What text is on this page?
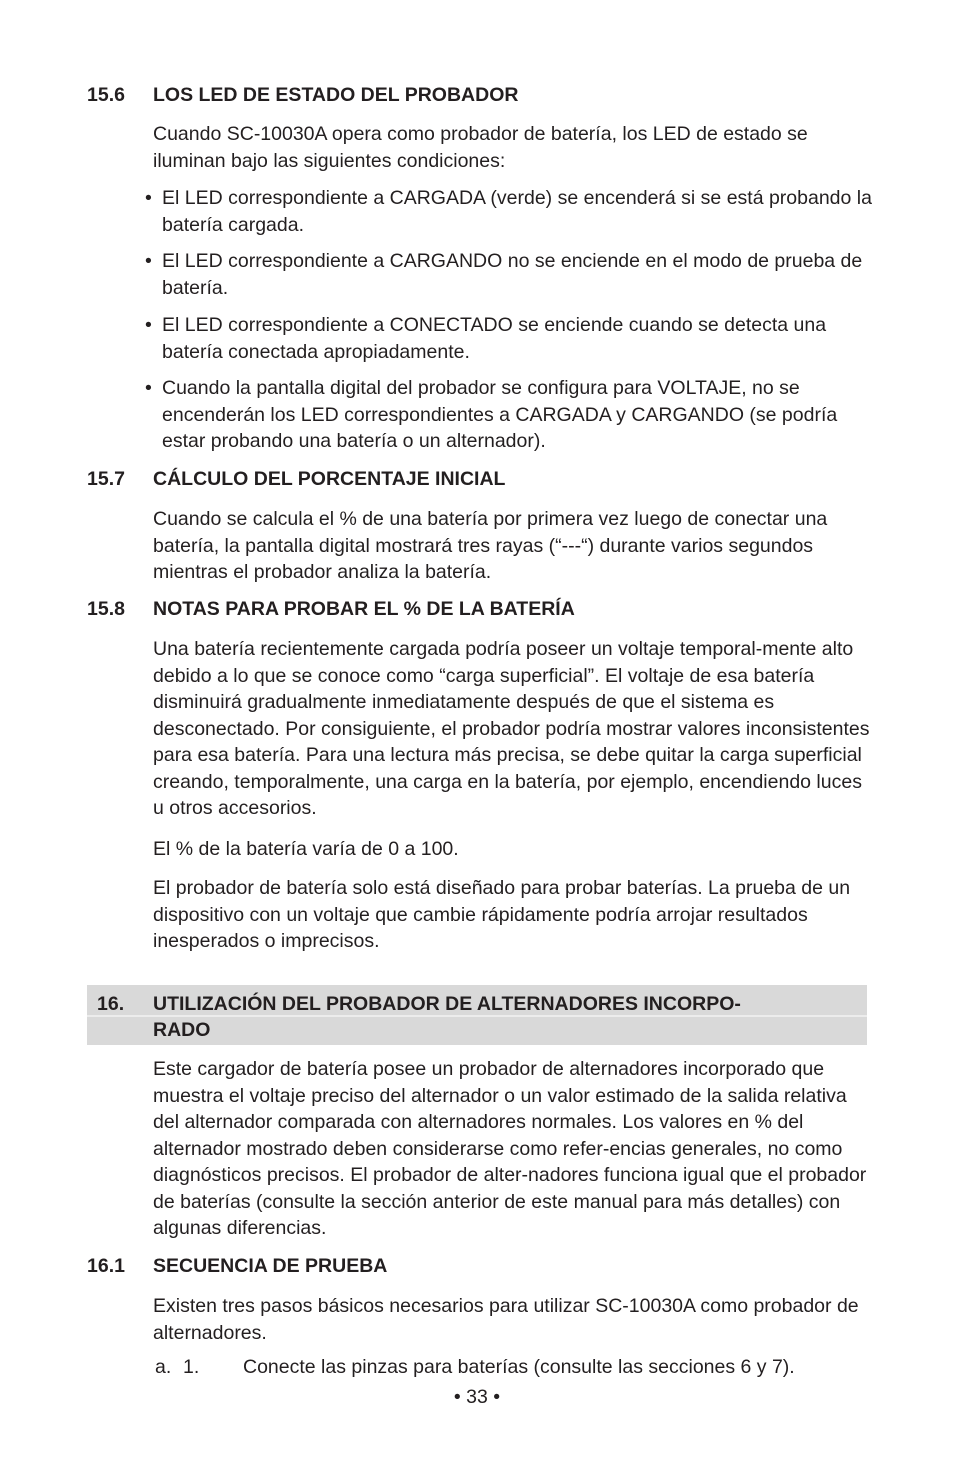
15.6 LOS LED DE ESTADO DEL PROBADOR
Cuando SC-10030A opera como probador de batería, los LED de estado se iluminan bajo las siguientes condiciones:
• El LED correspondiente a CARGADA (verde) se encenderá si se está probando la batería cargada.
• El LED correspondiente a CARGANDO no se enciende en el modo de prueba de batería.
• El LED correspondiente a CONECTADO se enciende cuando se detecta una batería conectada apropiadamente.
• Cuando la pantalla digital del probador se configura para VOLTAJE, no se encenderán los LED correspondientes a CARGADA y CARGANDO (se podría estar probando una batería o un alternador).
15.7 CÁLCULO DEL PORCENTAJE INICIAL
Cuando se calcula el % de una batería por primera vez luego de conectar una batería, la pantalla digital mostrará tres rayas (“---“) durante varios segundos mientras el probador analiza la batería.
15.8 NOTAS PARA PROBAR EL % DE LA BATERÍA
Una batería recientemente cargada podría poseer un voltaje temporal-mente alto debido a lo que se conoce como “carga superficial”. El voltaje de esa batería disminuirá gradualmente inmediatamente después de que el sistema es desconectado. Por consiguiente, el probador podría mostrar valores inconsistentes para esa batería. Para una lectura más precisa, se debe quitar la carga superficial creando, temporalmente, una carga en la batería, por ejemplo, encendiendo luces u otros accesorios.
El % de la batería varía de 0 a 100.
El probador de batería solo está diseñado para probar baterías. La prueba de un dispositivo con un voltaje que cambie rápidamente podría arrojar resultados inesperados o imprecisos.
16. UTILIZACIÓN DEL PROBADOR DE ALTERNADORES INCORPO-
RADO
Este cargador de batería posee un probador de alternadores incorporado que muestra el voltaje preciso del alternador o un valor estimado de la salida relativa del alternador comparada con alternadores normales. Los valores en % del alternador mostrado deben considerarse como refer-encias generales, no como diagnósticos precisos. El probador de alter-nadores funciona igual que el probador de baterías (consulte la sección anterior de este manual para más detalles) con algunas diferencias.
16.1 SECUENCIA DE PRUEBA
Existen tres pasos básicos necesarios para utilizar SC-10030A como probador de alternadores.
a. 1. Conecte las pinzas para baterías (consulte las secciones 6 y 7).
• 33 •
